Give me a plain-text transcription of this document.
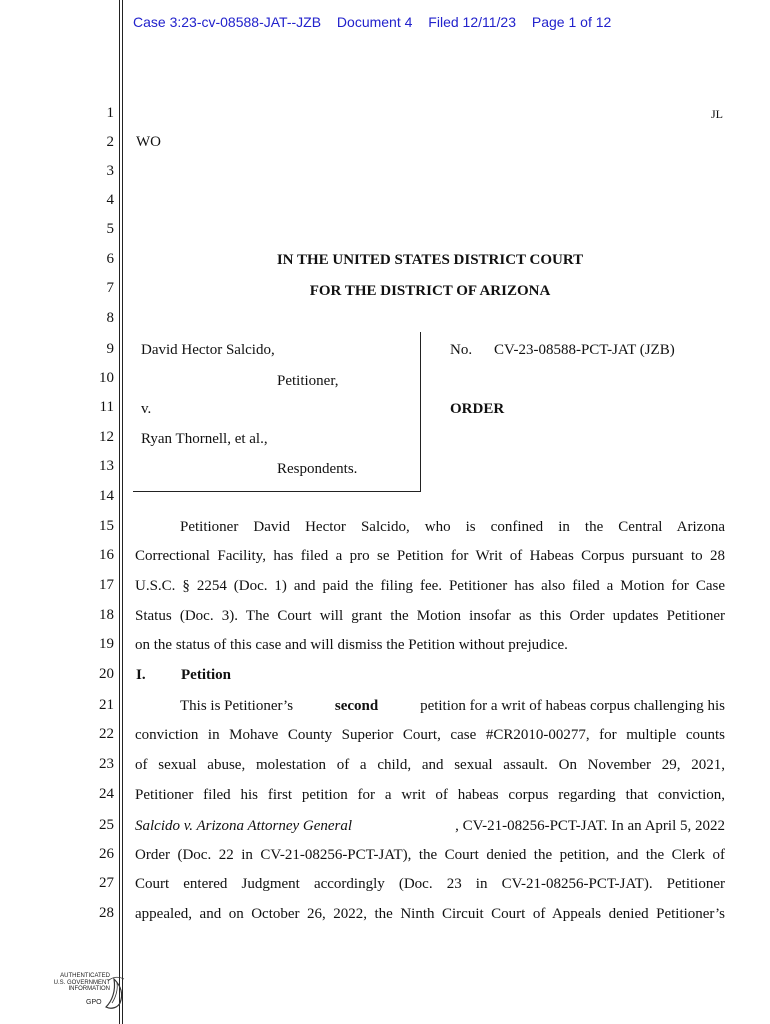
Case 3:23-cv-08588-JAT--JZB Document 4 Filed 12/11/23 Page 1 of 12
1
2
3
4
5
6
7
8
9
10
11
12
13
14
15
16
17
18
19
20
21
22
23
24
25
26
27
28
JL
WO
IN THE UNITED STATES DISTRICT COURT
FOR THE DISTRICT OF ARIZONA
David Hector Salcido,
Petitioner,
v.
Ryan Thornell, et al.,
Respondents.
No. CV-23-08588-PCT-JAT (JZB)
ORDER
Petitioner David Hector Salcido, who is confined in the Central Arizona
Correctional Facility, has filed a pro se Petition for Writ of Habeas Corpus pursuant to 28
U.S.C. § 2254 (Doc. 1) and paid the filing fee. Petitioner has also filed a Motion for Case
Status (Doc. 3). The Court will grant the Motion insofar as this Order updates Petitioner
on the status of this case and will dismiss the Petition without prejudice.
I. Petition
This is Petitioner’s	second	petition for a writ of habeas corpus challenging his
conviction in Mohave County Superior Court, case #CR2010-00277, for multiple counts
of sexual abuse, molestation of a child, and sexual assault. On November 29, 2021,
Petitioner filed his first petition for a writ of habeas corpus regarding that conviction,
Salcido v. Arizona Attorney General	, CV-21-08256-PCT-JAT. In an April 5, 2022
Order (Doc. 22 in CV-21-08256-PCT-JAT), the Court denied the petition, and the Clerk of
Court entered Judgment accordingly (Doc. 23 in CV-21-08256-PCT-JAT). Petitioner
appealed, and on October 26, 2022, the Ninth Circuit Court of Appeals denied Petitioner’s
AUTHENTICATED
U.S. GOVERNMENT
INFORMATION
GPO
